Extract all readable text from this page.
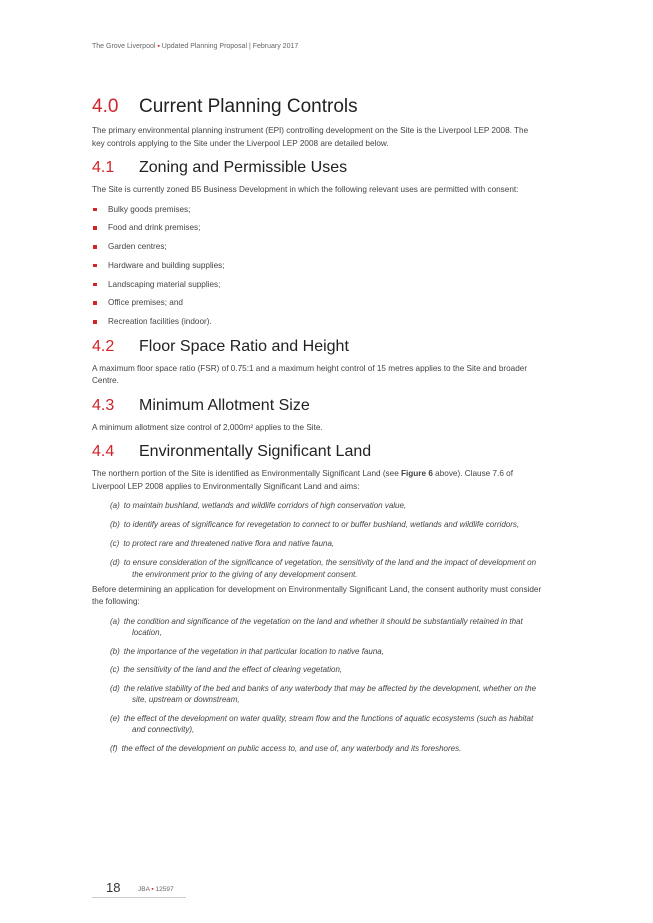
The Grove Liverpool ▪ Updated Planning Proposal | February 2017
4.0	Current Planning Controls

The primary environmental planning instrument (EPI) controlling development on the Site is the Liverpool LEP 2008. The key controls applying to the Site under the Liverpool LEP 2008 are detailed below.

4.1	Zoning and Permissible Uses

The Site is currently zoned B5 Business Development in which the following relevant uses are permitted with consent:

Bulky goods premises;
Food and drink premises;
Garden centres;
Hardware and building supplies;
Landscaping material supplies;
Office premises; and
Recreation facilities (indoor).
4.2	Floor Space Ratio and Height

A maximum floor space ratio (FSR) of 0.75:1 and a maximum height control of 15 metres applies to the Site and broader Centre.

4.3	Minimum Allotment Size

A minimum allotment size control of 2,000m² applies to the Site.

4.4	Environmentally Significant Land

The northern portion of the Site is identified as Environmentally Significant Land (see Figure 6 above). Clause 7.6 of Liverpool LEP 2008 applies to Environmentally Significant Land and aims:

(a) to maintain bushland, wetlands and wildlife corridors of high conservation value,
(b) to identify areas of significance for revegetation to connect to or buffer bushland, wetlands and wildlife corridors,
(c) to protect rare and threatened native flora and native fauna,
(d) to ensure consideration of the significance of vegetation, the sensitivity of the land and the impact of development on the environment prior to the giving of any development consent.

Before determining an application for development on Environmentally Significant Land, the consent authority must consider the following:

(a) the condition and significance of the vegetation on the land and whether it should be substantially retained in that location,
(b) the importance of the vegetation in that particular location to native fauna,
(c) the sensitivity of the land and the effect of clearing vegetation,
(d) the relative stability of the bed and banks of any waterbody that may be affected by the development, whether on the site, upstream or downstream,
(e) the effect of the development on water quality, stream flow and the functions of aquatic ecosystems (such as habitat and connectivity),
(f) the effect of the development on public access to, and use of, any waterbody and its foreshores.
18	JBA ▪ 12597
